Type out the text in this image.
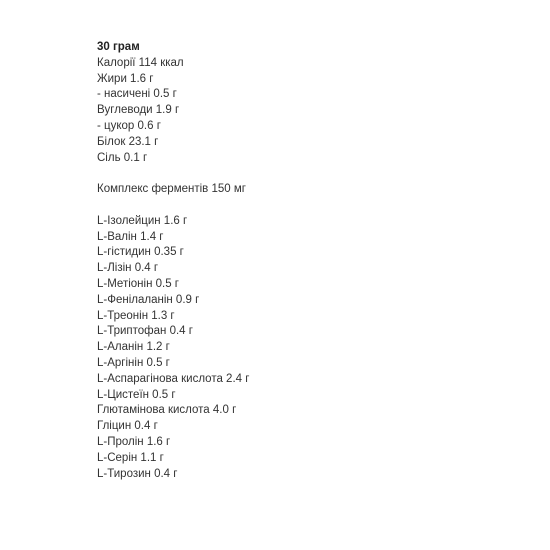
30 грам
Калорії 114 ккал
Жири 1.6 г
- насичені 0.5 г
Вуглеводи 1.9 г
- цукор 0.6 г
Білок 23.1 г
Сіль 0.1 г
Комплекс ферментів 150 мг
L-Ізолейцин 1.6 г
L-Валін 1.4 г
L-гістидин 0.35 г
L-Лізін 0.4 г
L-Метіонін 0.5 г
L-Фенілаланін 0.9 г
L-Треонін 1.3 г
L-Триптофан 0.4 г
L-Аланін 1.2 г
L-Аргінін 0.5 г
L-Аспарагінова кислота 2.4 г
L-Цистеїн 0.5 г
Глютамінова кислота 4.0 г
Гліцин 0.4 г
L-Пролін 1.6 г
L-Серін 1.1 г
L-Тирозин 0.4 г
